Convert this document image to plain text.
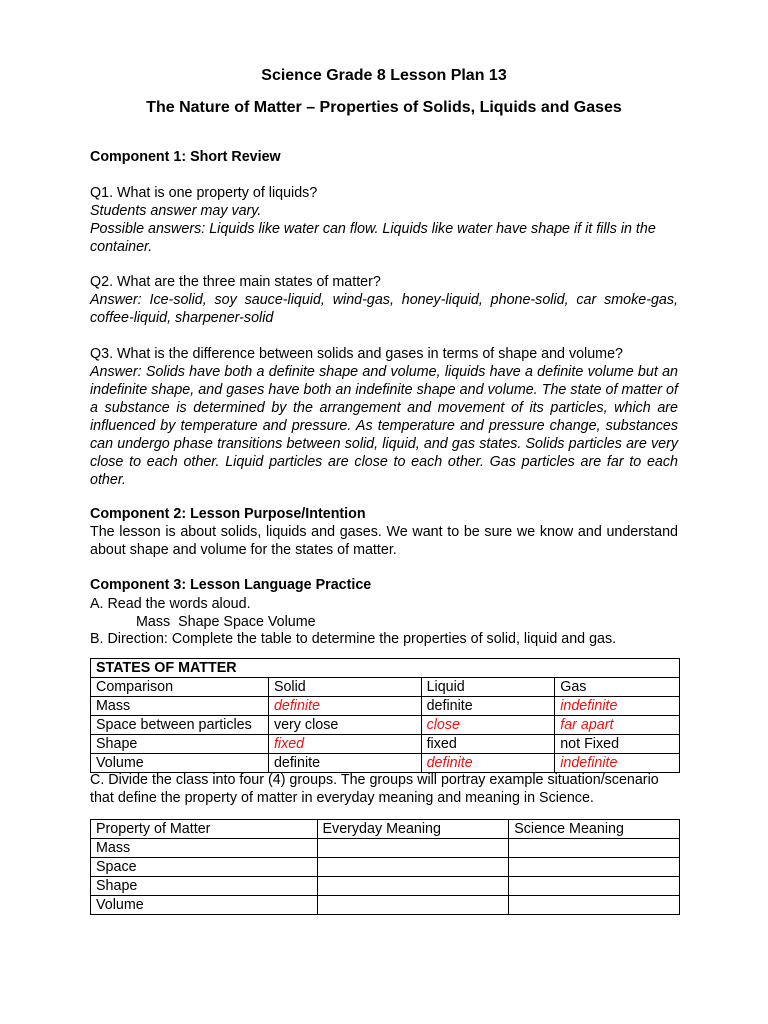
Science Grade 8 Lesson Plan 13
The Nature of Matter – Properties of Solids, Liquids and Gases
Component 1: Short Review
Q1. What is one property of liquids?
Students answer may vary.
Possible answers: Liquids like water can flow. Liquids like water have shape if it fills in the container.
Q2. What are the three main states of matter?
Answer: Ice-solid, soy sauce-liquid, wind-gas, honey-liquid, phone-solid, car smoke-gas, coffee-liquid, sharpener-solid
Q3. What is the difference between solids and gases in terms of shape and volume?
Answer: Solids have both a definite shape and volume, liquids have a definite volume but an indefinite shape, and gases have both an indefinite shape and volume. The state of matter of a substance is determined by the arrangement and movement of its particles, which are influenced by temperature and pressure. As temperature and pressure change, substances can undergo phase transitions between solid, liquid, and gas states. Solids particles are very close to each other. Liquid particles are close to each other. Gas particles are far to each other.
Component 2: Lesson Purpose/Intention
The lesson is about solids, liquids and gases. We want to be sure we know and understand about shape and volume for the states of matter.
Component 3: Lesson Language Practice
A. Read the words aloud.
Mass  Shape Space Volume
B. Direction: Complete the table to determine the properties of solid, liquid and gas.
STATES OF MATTER			
Comparison	Solid	Liquid	Gas
Mass	definite	definite	indefinite
Space between particles	very close	close	far apart
Shape	fixed	fixed	not Fixed
Volume	definite	definite	indefinite
C. Divide the class into four (4) groups. The groups will portray example situation/scenario that define the property of matter in everyday meaning and meaning in Science.
Property of Matter	Everyday Meaning	Science Meaning
Mass		
Space		
Shape		
Volume		
